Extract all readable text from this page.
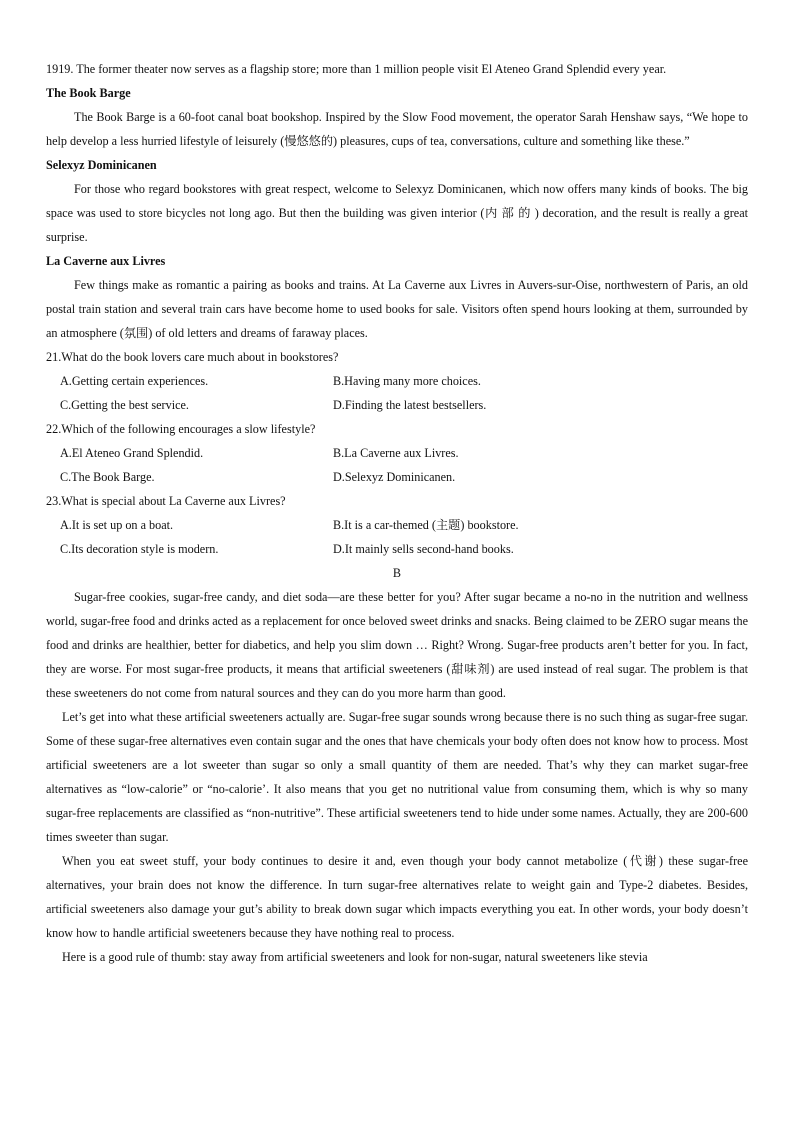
1919. The former theater now serves as a flagship store; more than 1 million people visit El Ateneo Grand Splendid every year.

The Book Barge

The Book Barge is a 60-foot canal boat bookshop. Inspired by the Slow Food movement, the operator Sarah Henshaw says, “We hope to help develop a less hurried lifestyle of leisurely (慢悠悠的) pleasures, cups of tea, conversations, culture and something like these.”

Selexyz Dominicanen

For those who regard bookstores with great respect, welcome to Selexyz Dominicanen, which now offers many kinds of books. The big space was used to store bicycles not long ago. But then the building was given interior (内 部 的 ) decoration, and the result is really a great surprise.

La Caverne aux Livres

Few things make as romantic a pairing as books and trains. At La Caverne aux Livres in Auvers-sur-Oise, northwestern of Paris, an old postal train station and several train cars have become home to used books for sale. Visitors often spend hours looking at them, surrounded by an atmosphere (氛围) of old letters and dreams of faraway places.

21.What do the book lovers care much about in bookstores?

A.Getting certain experiences.	B.Having many more choices.
C.Getting the best service.	D.Finding the latest bestsellers.

22.Which of the following encourages a slow lifestyle?

A.El Ateneo Grand Splendid.	B.La Caverne aux Livres.
C.The Book Barge.	D.Selexyz Dominicanen.

23.What is special about La Caverne aux Livres?

A.It is set up on a boat.	B.It is a car-themed (主题) bookstore.
C.Its decoration style is modern.	D.It mainly sells second-hand books.

B

Sugar-free cookies, sugar-free candy, and diet soda—are these better for you? After sugar became a no-no in the nutrition and wellness world, sugar-free food and drinks acted as a replacement for once beloved sweet drinks and snacks. Being claimed to be ZERO sugar means the food and drinks are healthier, better for diabetics, and help you slim down … Right? Wrong. Sugar-free products aren’t better for you. In fact, they are worse. For most sugar-free products, it means that artificial sweeteners (甜味剂) are used instead of real sugar. The problem is that these sweeteners do not come from natural sources and they can do you more harm than good.

Let’s get into what these artificial sweeteners actually are. Sugar-free sugar sounds wrong because there is no such thing as sugar-free sugar. Some of these sugar-free alternatives even contain sugar and the ones that have chemicals your body often does not know how to process. Most artificial sweeteners are a lot sweeter than sugar so only a small quantity of them are needed. That’s why they can market sugar-free alternatives as “low-calorie” or “no-calorie’. It also means that you get no nutritional value from consuming them, which is why so many sugar-free replacements are classified as “non-nutritive”. These artificial sweeteners tend to hide under some names. Actually, they are 200-600 times sweeter than sugar.

When you eat sweet stuff, your body continues to desire it and, even though your body cannot metabolize (代谢) these sugar-free alternatives, your brain does not know the difference. In turn sugar-free alternatives relate to weight gain and Type-2 diabetes. Besides, artificial sweeteners also damage your gut’s ability to break down sugar which impacts everything you eat. In other words, your body doesn’t know how to handle artificial sweeteners because they have nothing real to process.

Here is a good rule of thumb: stay away from artificial sweeteners and look for non-sugar, natural sweeteners like stevia
